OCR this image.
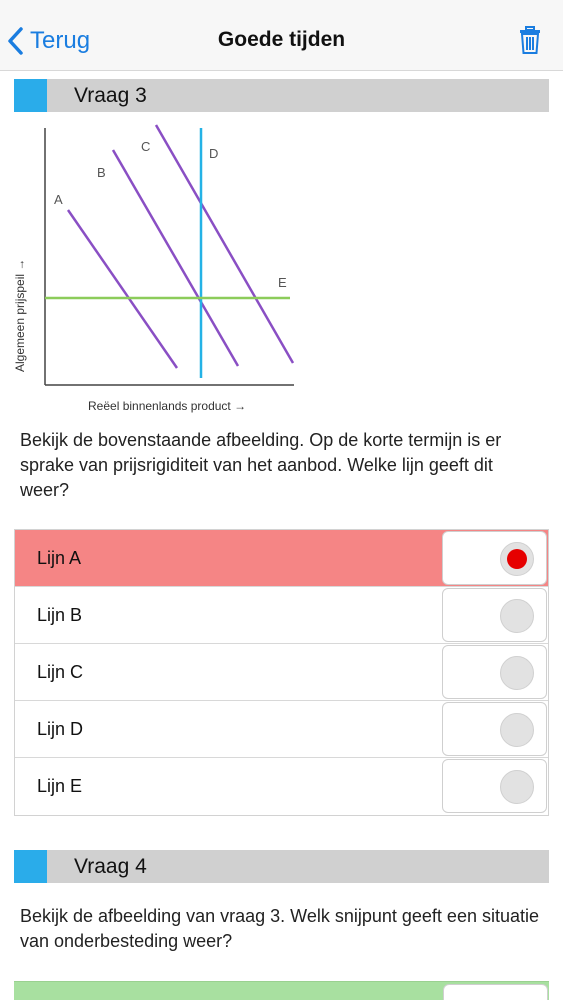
Terug	Goede tijden
Vraag 3
A
B
C	D
E
Algemeen prijspeil →
Reëel binnenlands product →
Bekijk de bovenstaande afbeelding. Op de korte termijn is er sprake van prijsrigiditeit van het aanbod. Welke lijn geeft dit weer?
Lijn A
Lijn B
Lijn C
Lijn D
Lijn E
Vraag 4
Bekijk de afbeelding van vraag 3. Welk snijpunt geeft een situatie van onderbesteding weer?
